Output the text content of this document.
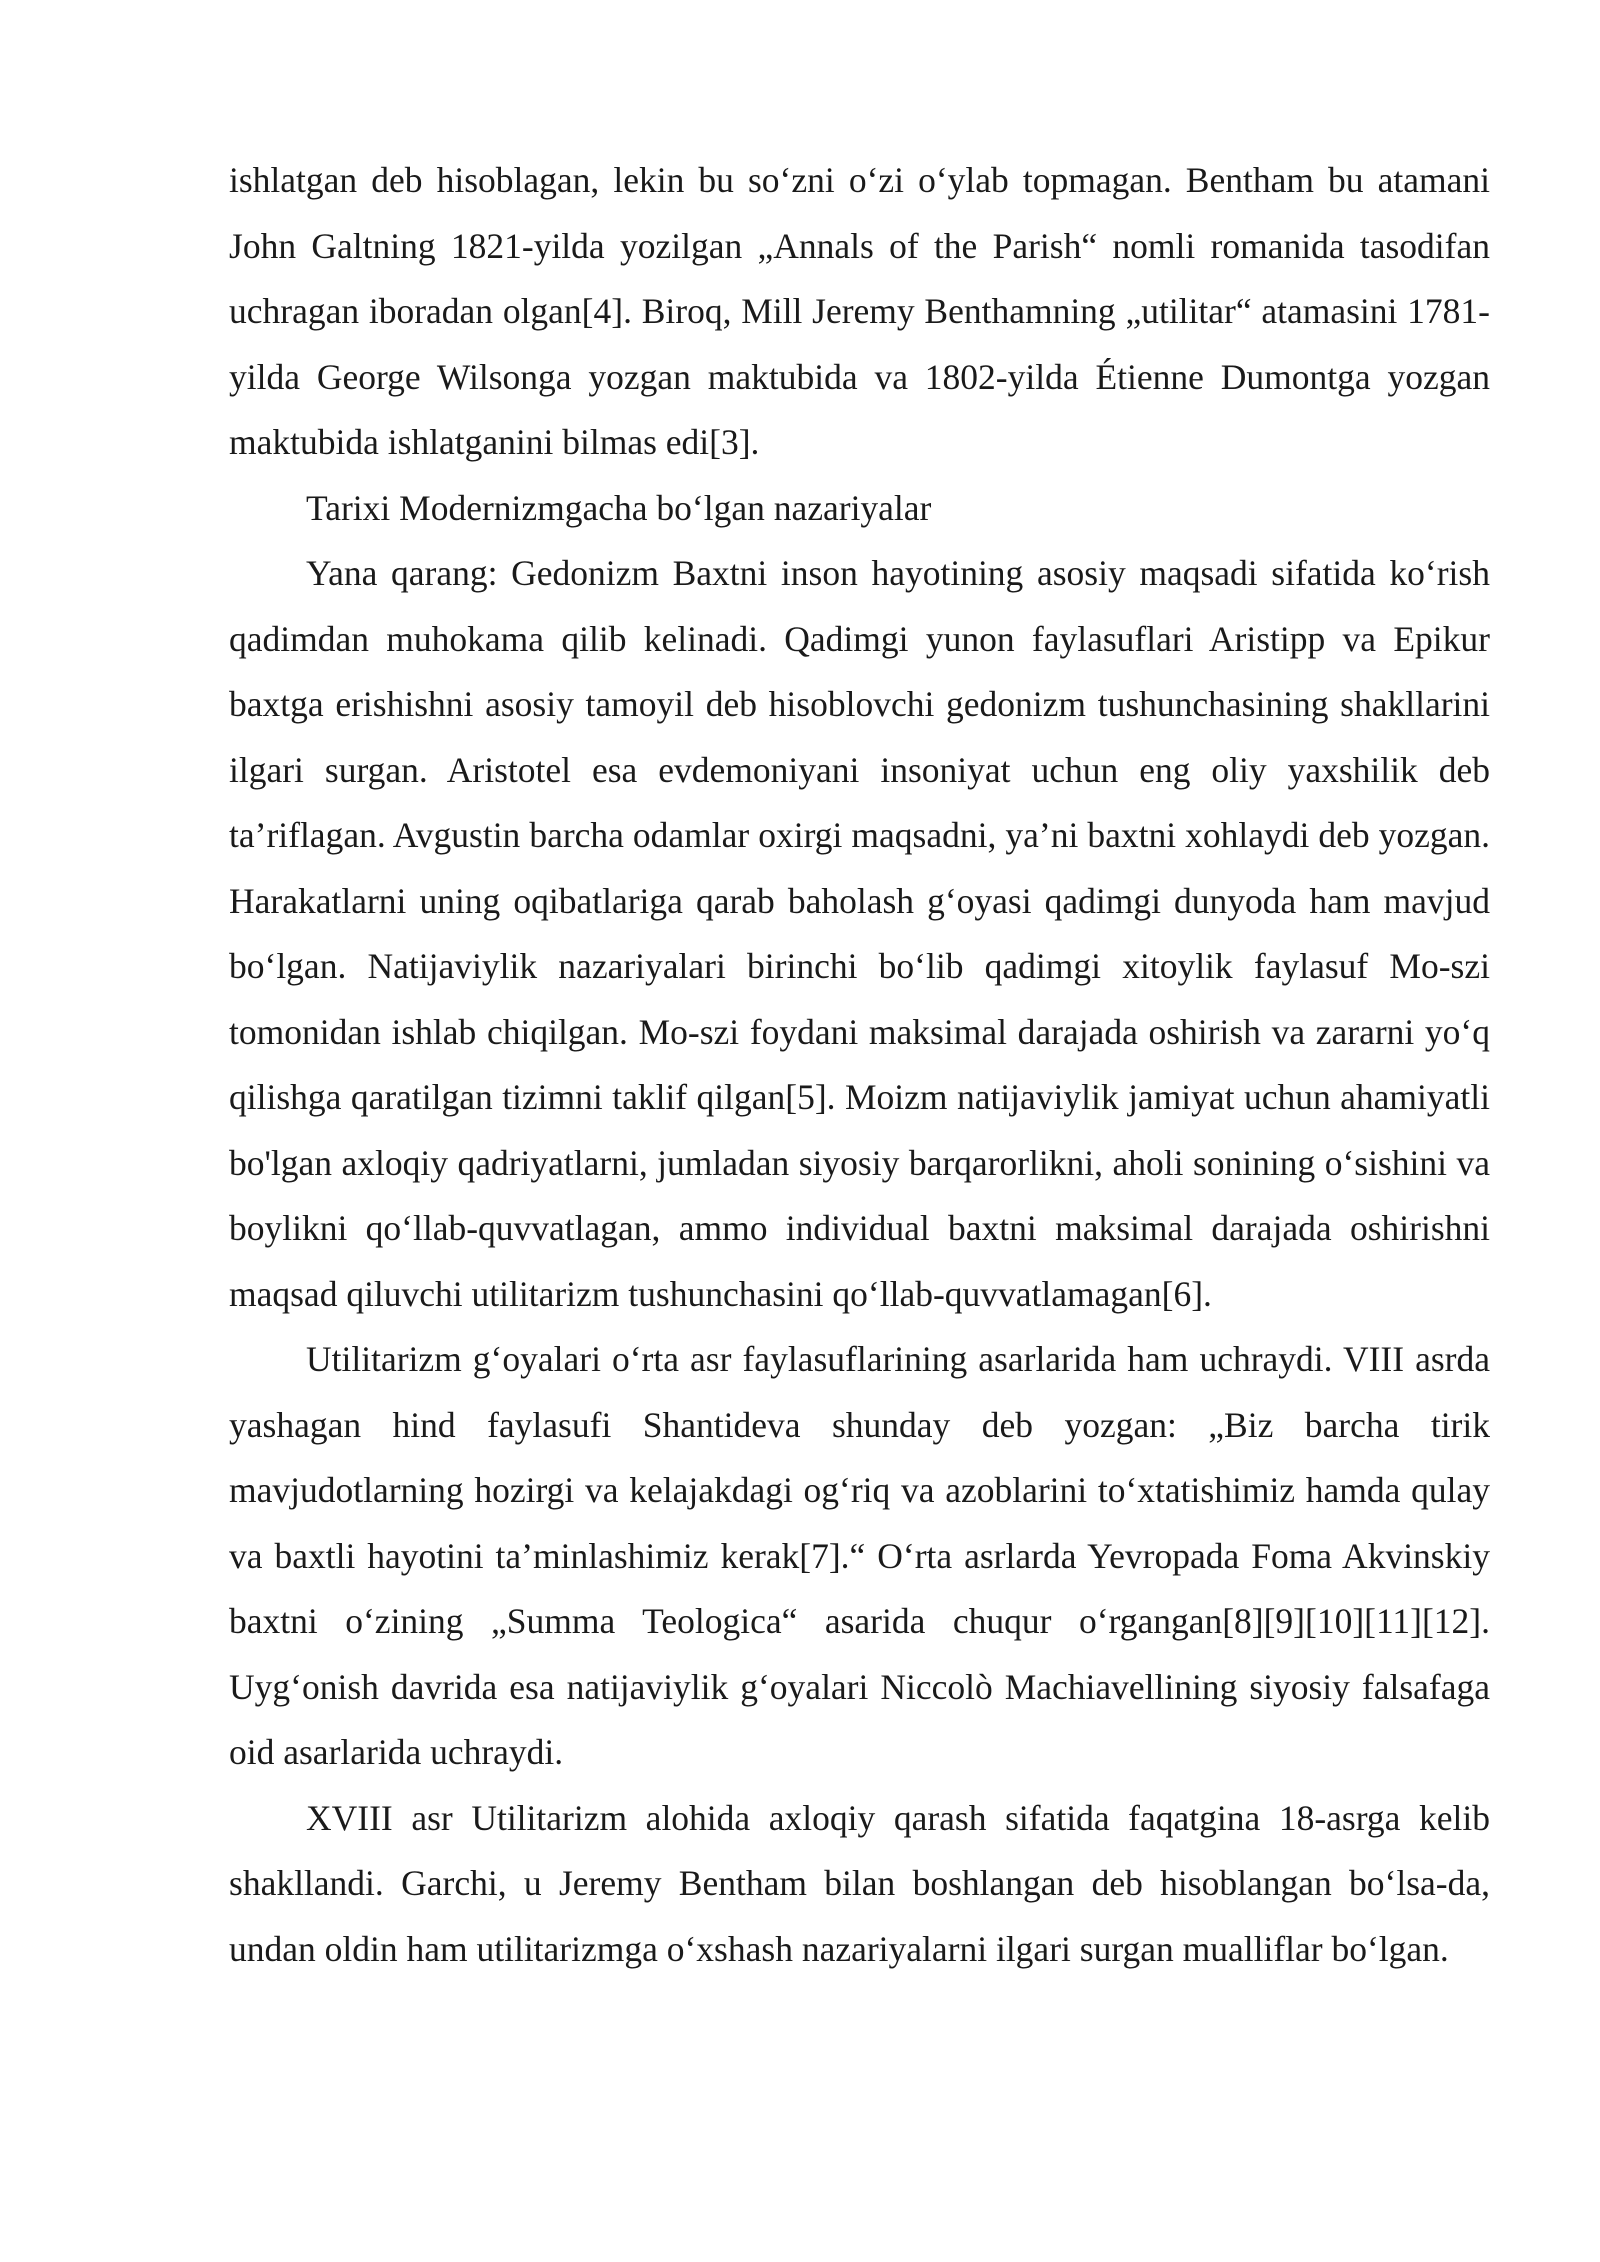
ishlatgan deb hisoblagan, lekin bu so‘zni o‘zi o‘ylab topmagan. Bentham bu atamani John Galtning 1821-yilda yozilgan „Annals of the Parish“ nomli romanida tasodifan uchragan iboradan olgan[4]. Biroq, Mill Jeremy Benthamning „utilitar“ atamasini 1781-yilda George Wilsonga yozgan maktubida va 1802-yilda Étienne Dumontga yozgan maktubida ishlatganini bilmas edi[3].

Tarixi Modernizmgacha bo‘lgan nazariyalar

Yana qarang: Gedonizm Baxtni inson hayotining asosiy maqsadi sifatida ko‘rish qadimdan muhokama qilib kelinadi. Qadimgi yunon faylasuflari Aristipp va Epikur baxtga erishishni asosiy tamoyil deb hisoblovchi gedonizm tushunchasining shakllarini ilgari surgan. Aristotel esa evdemoniyani insoniyat uchun eng oliy yaxshilik deb ta’riflagan. Avgustin barcha odamlar oxirgi maqsadni, ya’ni baxtni xohlaydi deb yozgan. Harakatlarni uning oqibatlariga qarab baholash g‘oyasi qadimgi dunyoda ham mavjud bo‘lgan. Natijaviylik nazariyalari birinchi bo‘lib qadimgi xitoylik faylasuf Mo-szi tomonidan ishlab chiqilgan. Mo-szi foydani maksimal darajada oshirish va zararni yo‘q qilishga qaratilgan tizimni taklif qilgan[5]. Moizm natijaviylik jamiyat uchun ahamiyatli bo'lgan axloqiy qadriyatlarni, jumladan siyosiy barqarorlikni, aholi sonining o‘sishini va boylikni qo‘llab-quvvatlagan, ammo individual baxtni maksimal darajada oshirishni maqsad qiluvchi utilitarizm tushunchasini qo‘llab-quvvatlamagan[6].

Utilitarizm g‘oyalari o‘rta asr faylasuflarining asarlarida ham uchraydi. VIII asrda yashagan hind faylasufi Shantideva shunday deb yozgan: „Biz barcha tirik mavjudotlarning hozirgi va kelajakdagi og‘riq va azoblarini to‘xtatishimiz hamda qulay va baxtli hayotini ta’minlashimiz kerak[7].“ O‘rta asrlarda Yevropada Foma Akvinskiy baxtni o‘zining „Summa Teologica“ asarida chuqur o‘rgangan[8][9][10][11][12]. Uyg‘onish davrida esa natijaviylik g‘oyalari Niccolò Machiavellining siyosiy falsafaga oid asarlarida uchraydi.

XVIII asr Utilitarizm alohida axloqiy qarash sifatida faqatgina 18-asrga kelib shakllandi. Garchi, u Jeremy Bentham bilan boshlangan deb hisoblangan bo‘lsa-da, undan oldin ham utilitarizmga o‘xshash nazariyalarni ilgari surgan mualliflar bo‘lgan.
